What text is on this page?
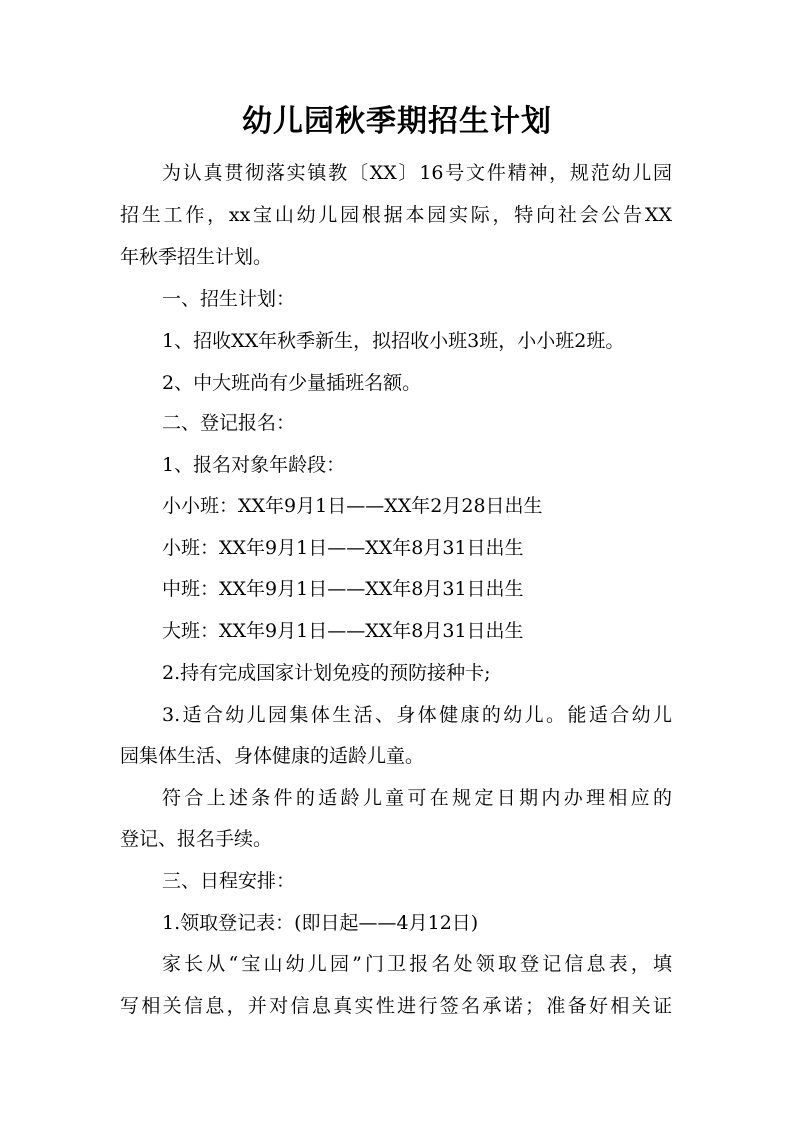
幼儿园秋季期招生计划
为认真贯彻落实镇教〔XX〕16号文件精神，规范幼儿园
招生工作，xx宝山幼儿园根据本园实际，特向社会公告XX
年秋季招生计划。
一、招生计划：
1、招收XX年秋季新生，拟招收小班3班，小小班2班。
2、中大班尚有少量插班名额。
二、登记报名：
1、报名对象年龄段：
小小班：XX年9月1日——XX年2月28日出生
小班：XX年9月1日——XX年8月31日出生
中班：XX年9月1日——XX年8月31日出生
大班：XX年9月1日——XX年8月31日出生
2.持有完成国家计划免疫的预防接种卡;
3.适合幼儿园集体生活、身体健康的幼儿。能适合幼儿
园集体生活、身体健康的适龄儿童。
符合上述条件的适龄儿童可在规定日期内办理相应的
登记、报名手续。
三、日程安排：
1.领取登记表：(即日起——4月12日)
家长从“宝山幼儿园”门卫报名处领取登记信息表，填
写相关信息，并对信息真实性进行签名承诺；准备好相关证
